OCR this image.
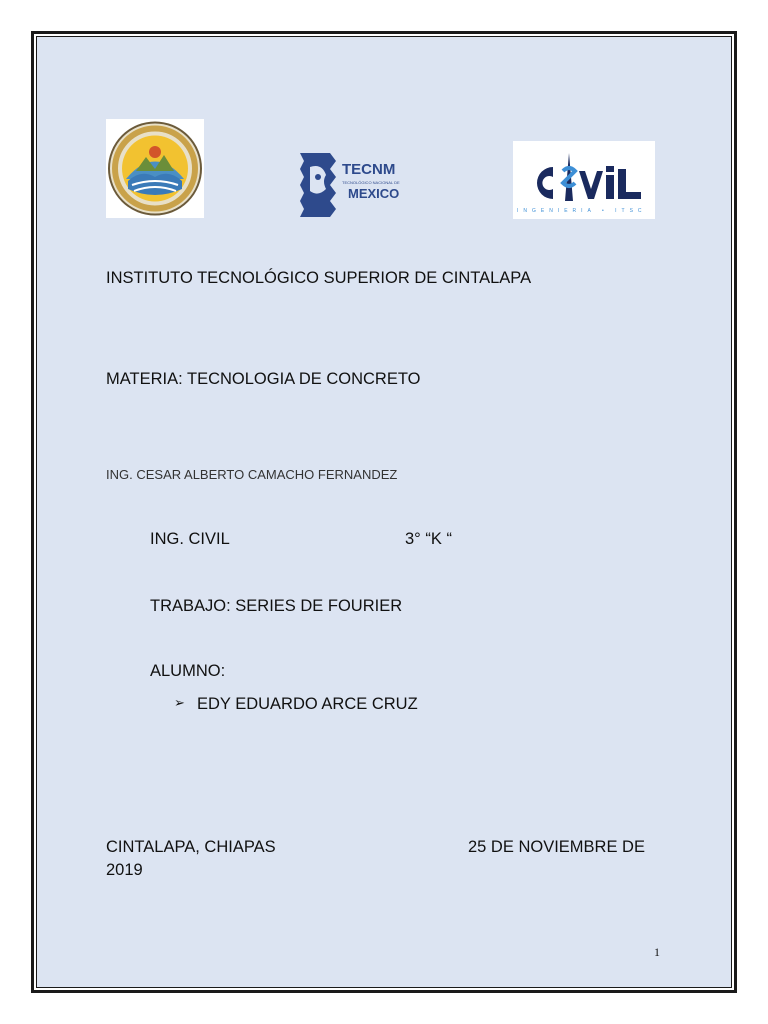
TECNM
TECNOLÓGICO NACIONAL DE
MEXICO
INGENIERÍA • ITSC
INSTITUTO TECNOLÓGICO SUPERIOR DE CINTALAPA
MATERIA: TECNOLOGIA DE CONCRETO
ING. CESAR ALBERTO CAMACHO FERNANDEZ
ING. CIVIL	3° “K “
TRABAJO: SERIES DE FOURIER
ALUMNO:
➢ EDY EDUARDO ARCE CRUZ
CINTALAPA, CHIAPAS	25 DE NOVIEMBRE DE
2019
1
